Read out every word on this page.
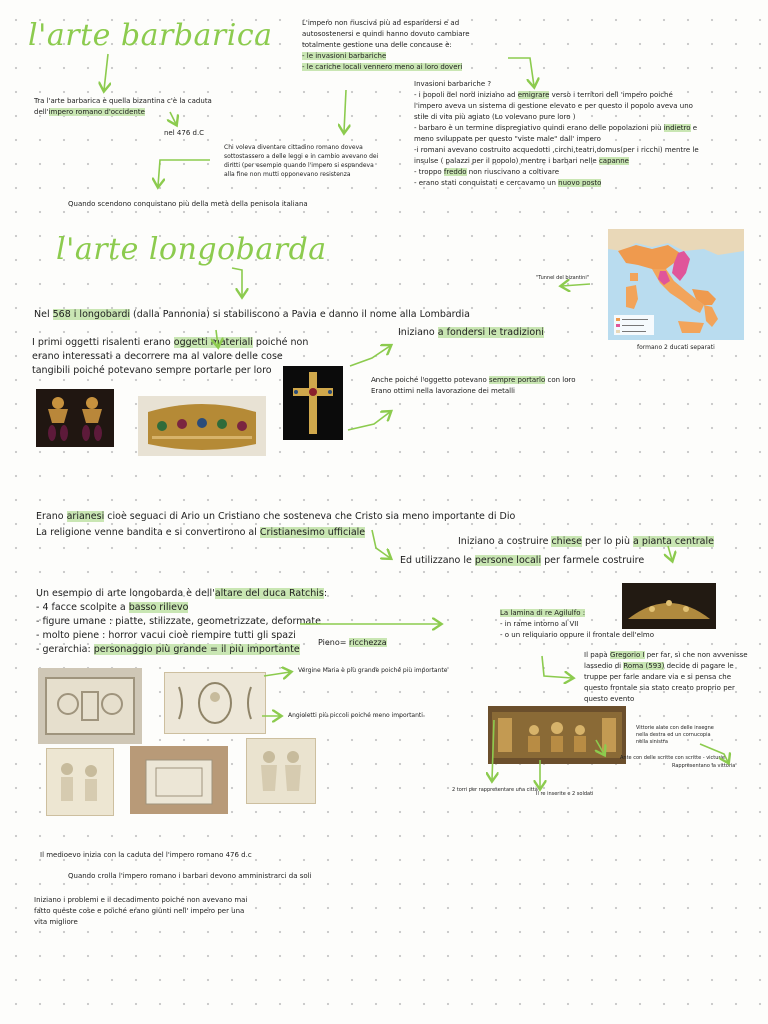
l'arte barbarica
Tra l'arte barbarica è quella bizantina c'è la caduta
dell'impero romano d'occidente
nel 476 d.C
L'impero non riusciva più ad espandersi e ad
autosostenersi e quindi hanno dovuto cambiare
totalmente gestione una delle concause è:
- le invasioni barbariche
- le cariche locali vennero meno ai loro doveri
Chi voleva diventare cittadino romano doveva
sottostassero a delle leggi e in cambio avevano dei
diritti (per esempio quando l'impero si espandeva
alla fine non mutti opponevano resistenza
Quando scendono conquistano più della metà della penisola italiana
Invasioni barbariche ?
- i popoli del nord iniziano ad emigrare verso i territori dell 'impero poiché
l'impero aveva un sistema di gestione elevato e per questo il popolo aveva uno
stile di vita più agiato (Lo volevano pure loro )
- barbaro è un termine dispregiativo quindi erano delle popolazioni più indietro e
meno sviluppate per questo "viste male" dall' impero
-i romani avevano costruito acquedotti ,circhi,teatri,domus(per i ricchi) mentre le
insulse ( palazzi per il popolo) mentre i barbari nelle capanne
- troppo freddo non riuscivano a coltivare
- erano stati conquistati e cercavamo un nuovo posto
l'arte longobarda
"Tunnel del bizantini"
formano 2 ducati separati
Nel 568 i longobardi (dalla Pannonia) si stabiliscono a Pavia e danno il nome alla Lombardia
I primi oggetti risalenti erano oggetti materiali poiché non
erano interessati a decorrere ma al valore delle cose
tangibili poiché potevano sempre portarle per loro
Iniziano a fondersi le tradizioni
Anche poiché l'oggetto potevano sempre portarlo con loro
Erano ottimi nella lavorazione dei metalli
Erano arianesi cioè seguaci di Ario un Cristiano che sosteneva che Cristo sia meno importante di Dio
La religione venne bandita e si convertirono al Cristianesimo ufficiale
Iniziano a costruire chiese per lo più a pianta centrale
Ed utilizzano le persone locali per farmele costruire
Un esempio di arte longobarda è dell'altare del duca Ratchis:
- 4 facce scolpite a basso rilievo
- figure umane : piatte, stilizzate, geometrizzate, deformate
- molto piene : horror vacui cioè riempire tutti gli spazi
- gerarchia: personaggio più grande = il più importante
Pieno= ricchezza
Vergine Maria è più grande poiché più importante
Angioletti più piccoli poiché meno importanti
La lamina di re Agilulfo :
- in rame intorno al VII
- o un reliquiario oppure il frontale dell'elmo
Il papà Gregorio I per far, sì che non avvenisse
lassedio di Roma (593) decide di pagare le
truppe per farle andare via e si pensa che
questo frontale sia stato creato proprio per
questo evento
Vittorie alate con delle insegne
nella destra ed un cornucopia
nella sinistra
Ante con delle scritte con scritte - victurie
Rappresentano la vittoria
2 torri per rappresentare una città
Il re inserite e 2 soldati
Il medioevo inizia con la caduta del l'impero romano 476 d.c
Quando crolla l'impero romano i barbari devono amministrarci da soli
Iniziano i problemi e il decadimento poiché non avevano mai
fatto queste cose e poiché erano giunti nell' impero per una
vita migliore
